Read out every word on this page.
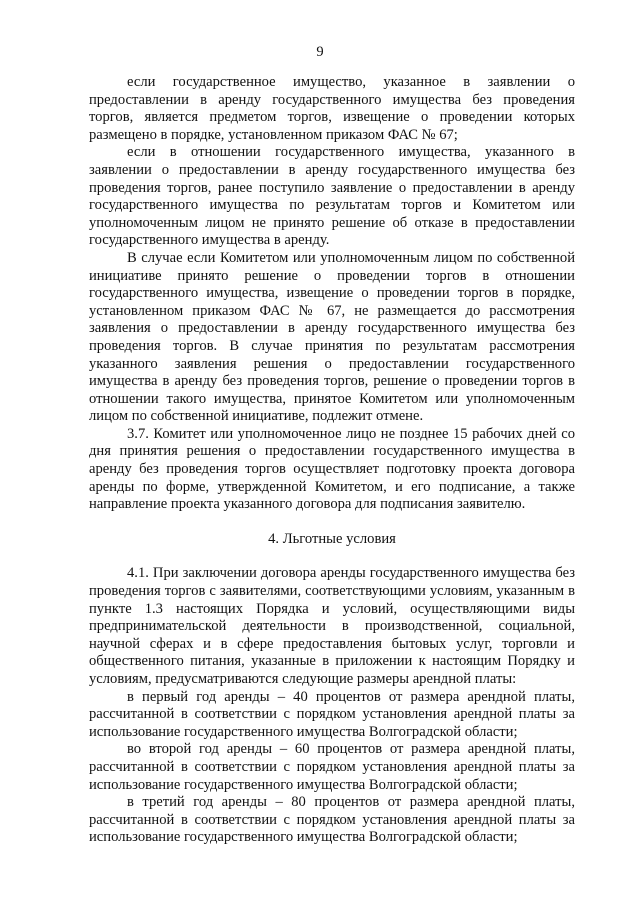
9

если государственное имущество, указанное в заявлении о предоставлении в аренду государственного имущества без проведения торгов, является предметом торгов, извещение о проведении которых размещено в порядке, установленном приказом ФАС № 67;

если в отношении государственного имущества, указанного в заявлении о предоставлении в аренду государственного имущества без проведения торгов, ранее поступило заявление о предоставлении в аренду государственного имущества по результатам торгов и Комитетом или уполномоченным лицом не принято решение об отказе в предоставлении государственного имущества в аренду.

В случае если Комитетом или уполномоченным лицом по собственной инициативе принято решение о проведении торгов в отношении государственного имущества, извещение о проведении торгов в порядке, установленном приказом ФАС № 67, не размещается до рассмотрения заявления о предоставлении в аренду государственного имущества без проведения торгов. В случае принятия по результатам рассмотрения указанного заявления решения о предоставлении государственного имущества в аренду без проведения торгов, решение о проведении торгов в отношении такого имущества, принятое Комитетом или уполномоченным лицом по собственной инициативе, подлежит отмене.

3.7. Комитет или уполномоченное лицо не позднее 15 рабочих дней со дня принятия решения о предоставлении государственного имущества в аренду без проведения торгов осуществляет подготовку проекта договора аренды по форме, утвержденной Комитетом, и его подписание, а также направление проекта указанного договора для подписания заявителю.

4. Льготные условия

4.1. При заключении договора аренды государственного имущества без проведения торгов с заявителями, соответствующими условиям, указанным в пункте 1.3 настоящих Порядка и условий, осуществляющими виды предпринимательской деятельности в производственной, социальной, научной сферах и в сфере предоставления бытовых услуг, торговли и общественного питания, указанные в приложении к настоящим Порядку и условиям, предусматриваются следующие размеры арендной платы:

в первый год аренды – 40 процентов от размера арендной платы, рассчитанной в соответствии с порядком установления арендной платы за использование государственного имущества Волгоградской области;

во второй год аренды – 60 процентов от размера арендной платы, рассчитанной в соответствии с порядком установления арендной платы за использование государственного имущества Волгоградской области;

в третий год аренды – 80 процентов от размера арендной платы, рассчитанной в соответствии с порядком установления арендной платы за использование государственного имущества Волгоградской области;
